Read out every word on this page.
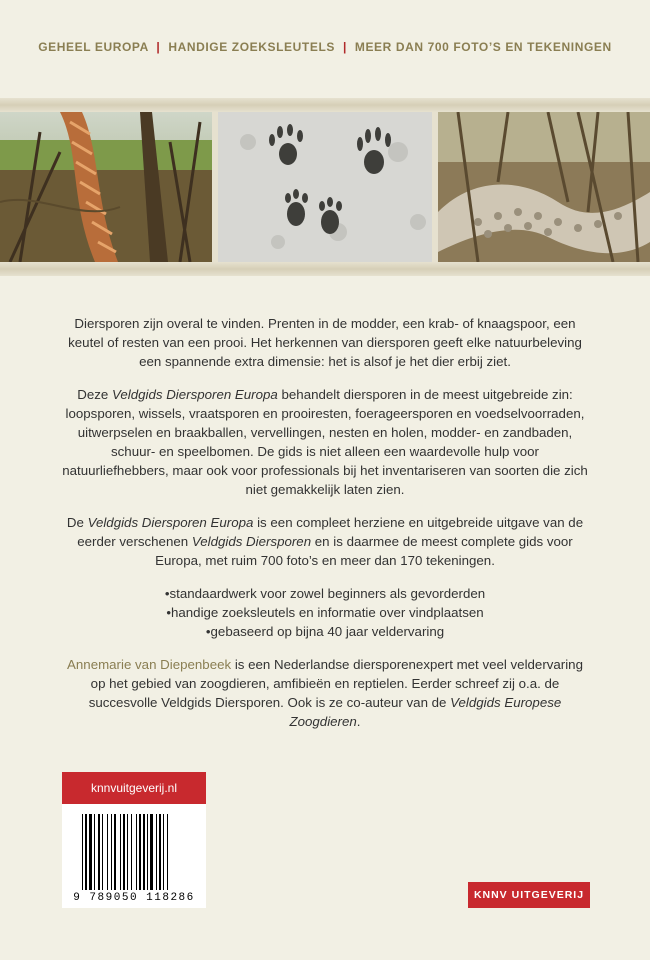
GEHEEL EUROPA | HANDIGE ZOEKSLEUTELS | MEER DAN 700 FOTO’S EN TEKENINGEN

Diersporen zijn overal te vinden. Prenten in de modder, een krab- of knaagspoor, een keutel of resten van een prooi. Het herkennen van diersporen geeft elke natuurbeleving een spannende extra dimensie: het is alsof je het dier erbij ziet.

Deze Veldgids Diersporen Europa behandelt diersporen in de meest uitgebreide zin: loopsporen, wissels, vraatsporen en prooiresten, foerageersporen en voedselvoorraden, uitwerpselen en braakballen, vervellingen, nesten en holen, modder- en zandbaden, schuur- en speelbomen. De gids is niet alleen een waardevolle hulp voor natuurliefhebbers, maar ook voor professionals bij het inventariseren van soorten die zich niet gemakkelijk laten zien.

De Veldgids Diersporen Europa is een compleet herziene en uitgebreide uitgave van de eerder verschenen Veldgids Diersporen en is daarmee de meest complete gids voor Europa, met ruim 700 foto’s en meer dan 170 tekeningen.

• standaardwerk voor zowel beginners als gevorderden
• handige zoeksleutels en informatie over vindplaatsen
• gebaseerd op bijna 40 jaar veldervaring

Annemarie van Diepenbeek is een Nederlandse diersporenexpert met veel veldervaring op het gebied van zoogdieren, amfibieën en reptielen. Eerder schreef zij o.a. de succesvolle Veldgids Diersporen. Ook is ze co-auteur van de Veldgids Europese Zoogdieren.

knnvuitgeverij.nl
9 789050 118286	KNNV UITGEVERIJ
